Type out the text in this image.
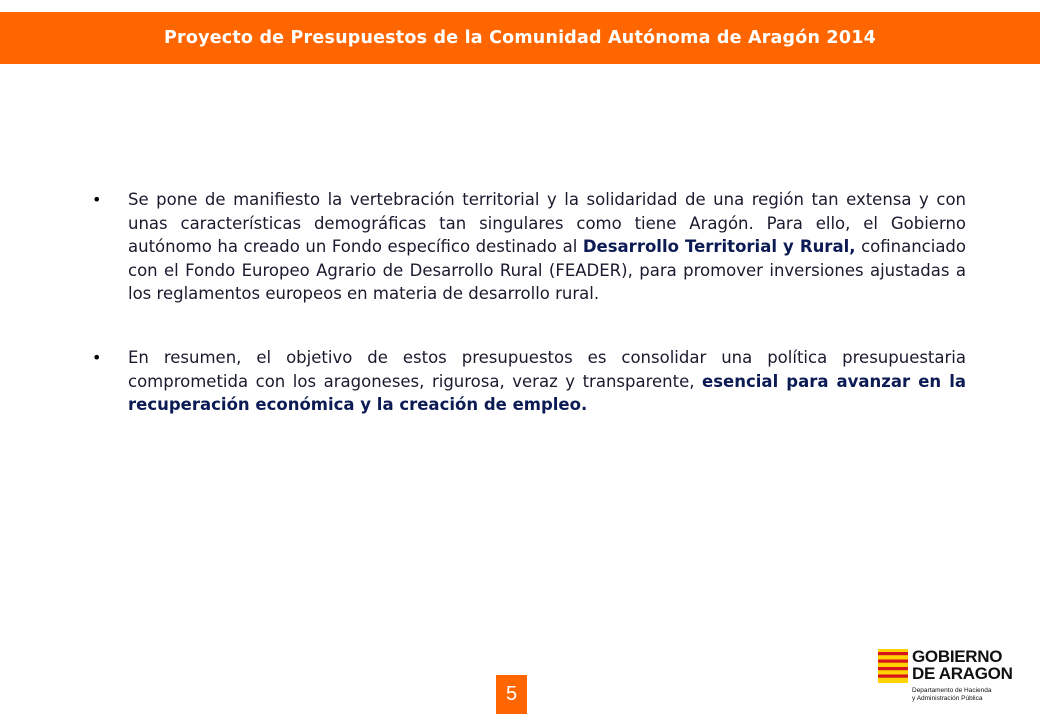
Proyecto de Presupuestos de la Comunidad Autónoma de Aragón 2014
• Se pone de manifiesto la vertebración territorial y la solidaridad de una región tan extensa y con unas características demográficas tan singulares como tiene Aragón. Para ello, el Gobierno autónomo ha creado un Fondo específico destinado al Desarrollo Territorial y Rural, cofinanciado con el Fondo Europeo Agrario de Desarrollo Rural (FEADER), para promover inversiones ajustadas a los reglamentos europeos en materia de desarrollo rural.
• En resumen, el objetivo de estos presupuestos es consolidar una política presupuestaria comprometida con los aragoneses, rigurosa, veraz y transparente, esencial para avanzar en la recuperación económica y la creación de empleo.
5
GOBIERNO
DE ARAGON
Departamento de Hacienda
y Administración Pública
